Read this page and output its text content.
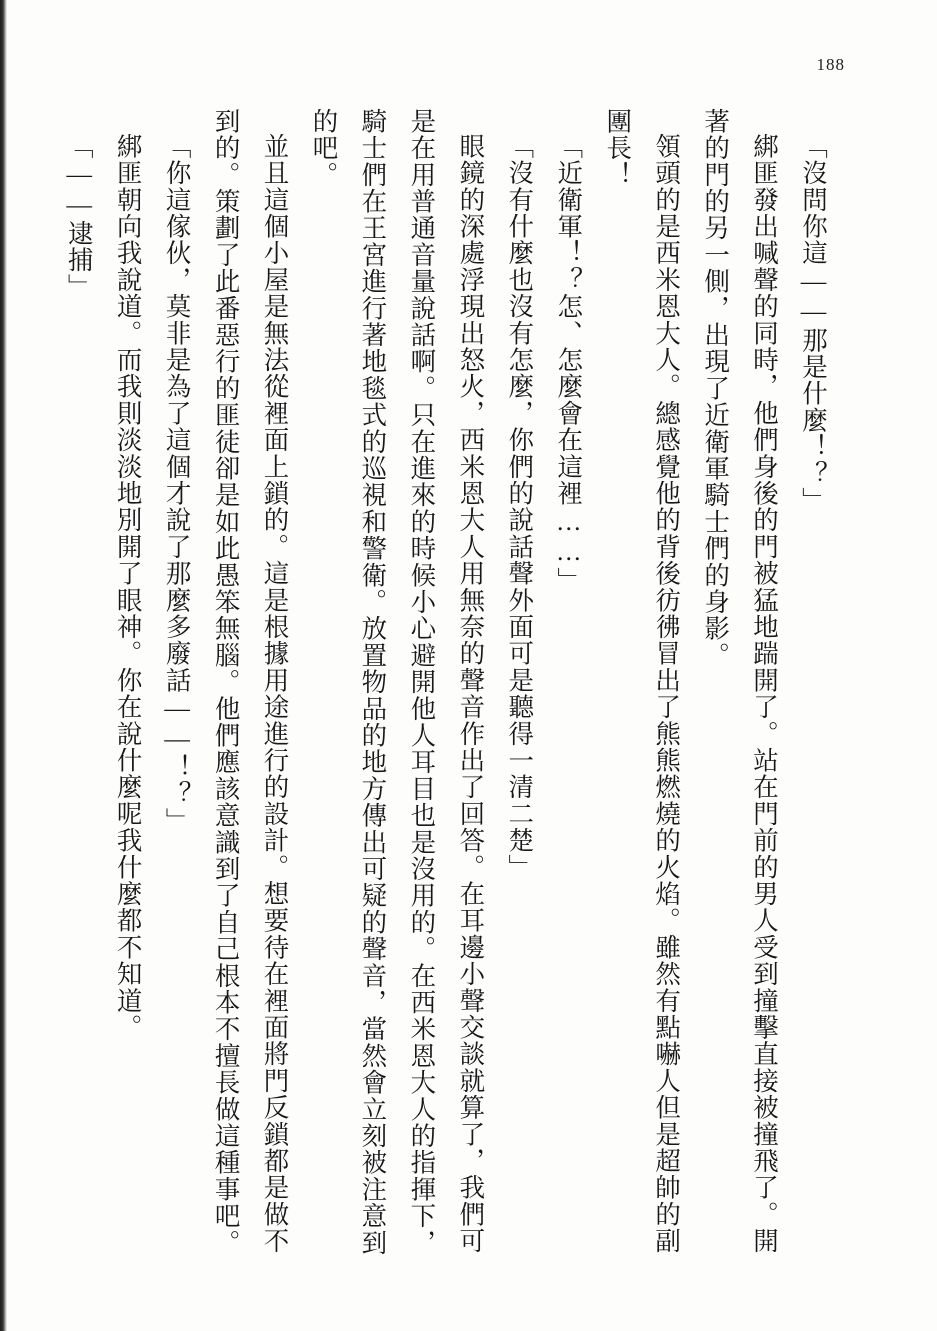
188

「沒問你這——那是什麼！？」

綁匪發出喊聲的同時，他們身後的門被猛地踹開了。站在門前的男人受到撞擊直接被撞飛了。開著的門的另一側，出現了近衛軍騎士們的身影。

領頭的是西米恩大人。總感覺他的背後彷彿冒出了熊熊燃燒的火焰。雖然有點嚇人但是超帥的副團長！

「近衛軍！？怎、怎麼會在這裡……」

「沒有什麼也沒有怎麼，你們的說話聲外面可是聽得一清二楚」

眼鏡的深處浮現出怒火，西米恩大人用無奈的聲音作出了回答。在耳邊小聲交談就算了，我們可是在用普通音量說話啊。只在進來的時候小心避開他人耳目也是沒用的。在西米恩大人的指揮下，騎士們在王宮進行著地毯式的巡視和警衛。放置物品的地方傳出可疑的聲音，當然會立刻被注意到的吧。

並且這個小屋是無法從裡面上鎖的。這是根據用途進行的設計。想要待在裡面將門反鎖都是做不到的。策劃了此番惡行的匪徒卻是如此愚笨無腦。他們應該意識到了自己根本不擅長做這種事吧。

「你這傢伙，莫非是為了這個才說了那麼多廢話——！？」

綁匪朝向我說道。而我則淡淡地別開了眼神。你在說什麼呢我什麼都不知道。

「——逮捕」
